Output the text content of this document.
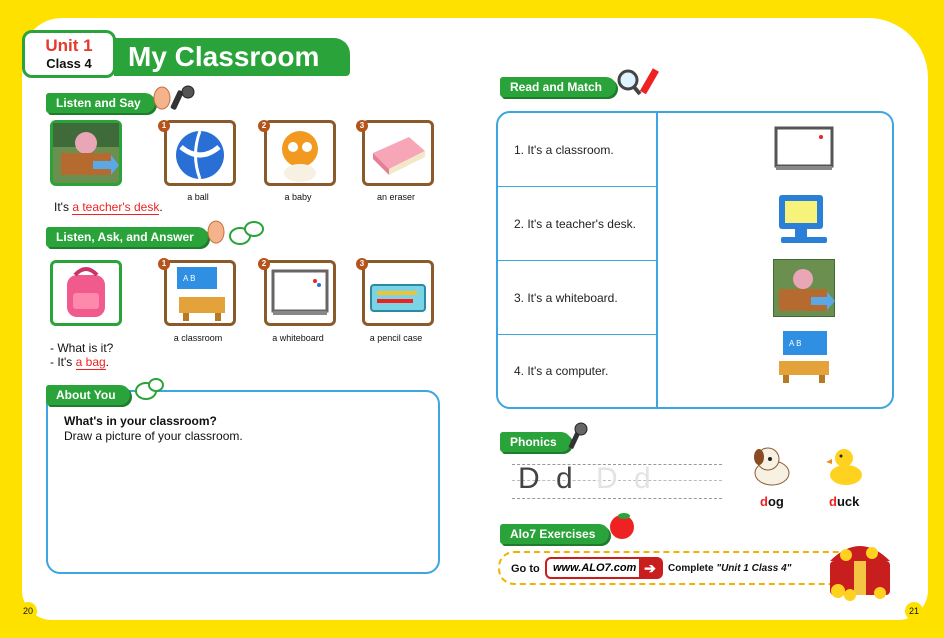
Unit 1
Class 4	My Classroom
Listen and Say
1
a ball
2
a baby
3
an eraser
It's a teacher's desk.
Listen, Ask, and Answer
A B
1
a classroom
2
a whiteboard
3
a pencil case
- What is it?
- It's a bag.
About You
What's in your classroom?
Draw a picture of your classroom.
Read and Match
1. It's a classroom.
2. It's a teacher's desk.
3. It's a whiteboard.
4. It's a computer.
A B
Phonics
D d D d
dog	duck
Alo7 Exercises
Go to	www.ALO7.com ➔	Complete "Unit 1 Class 4"
20	21
